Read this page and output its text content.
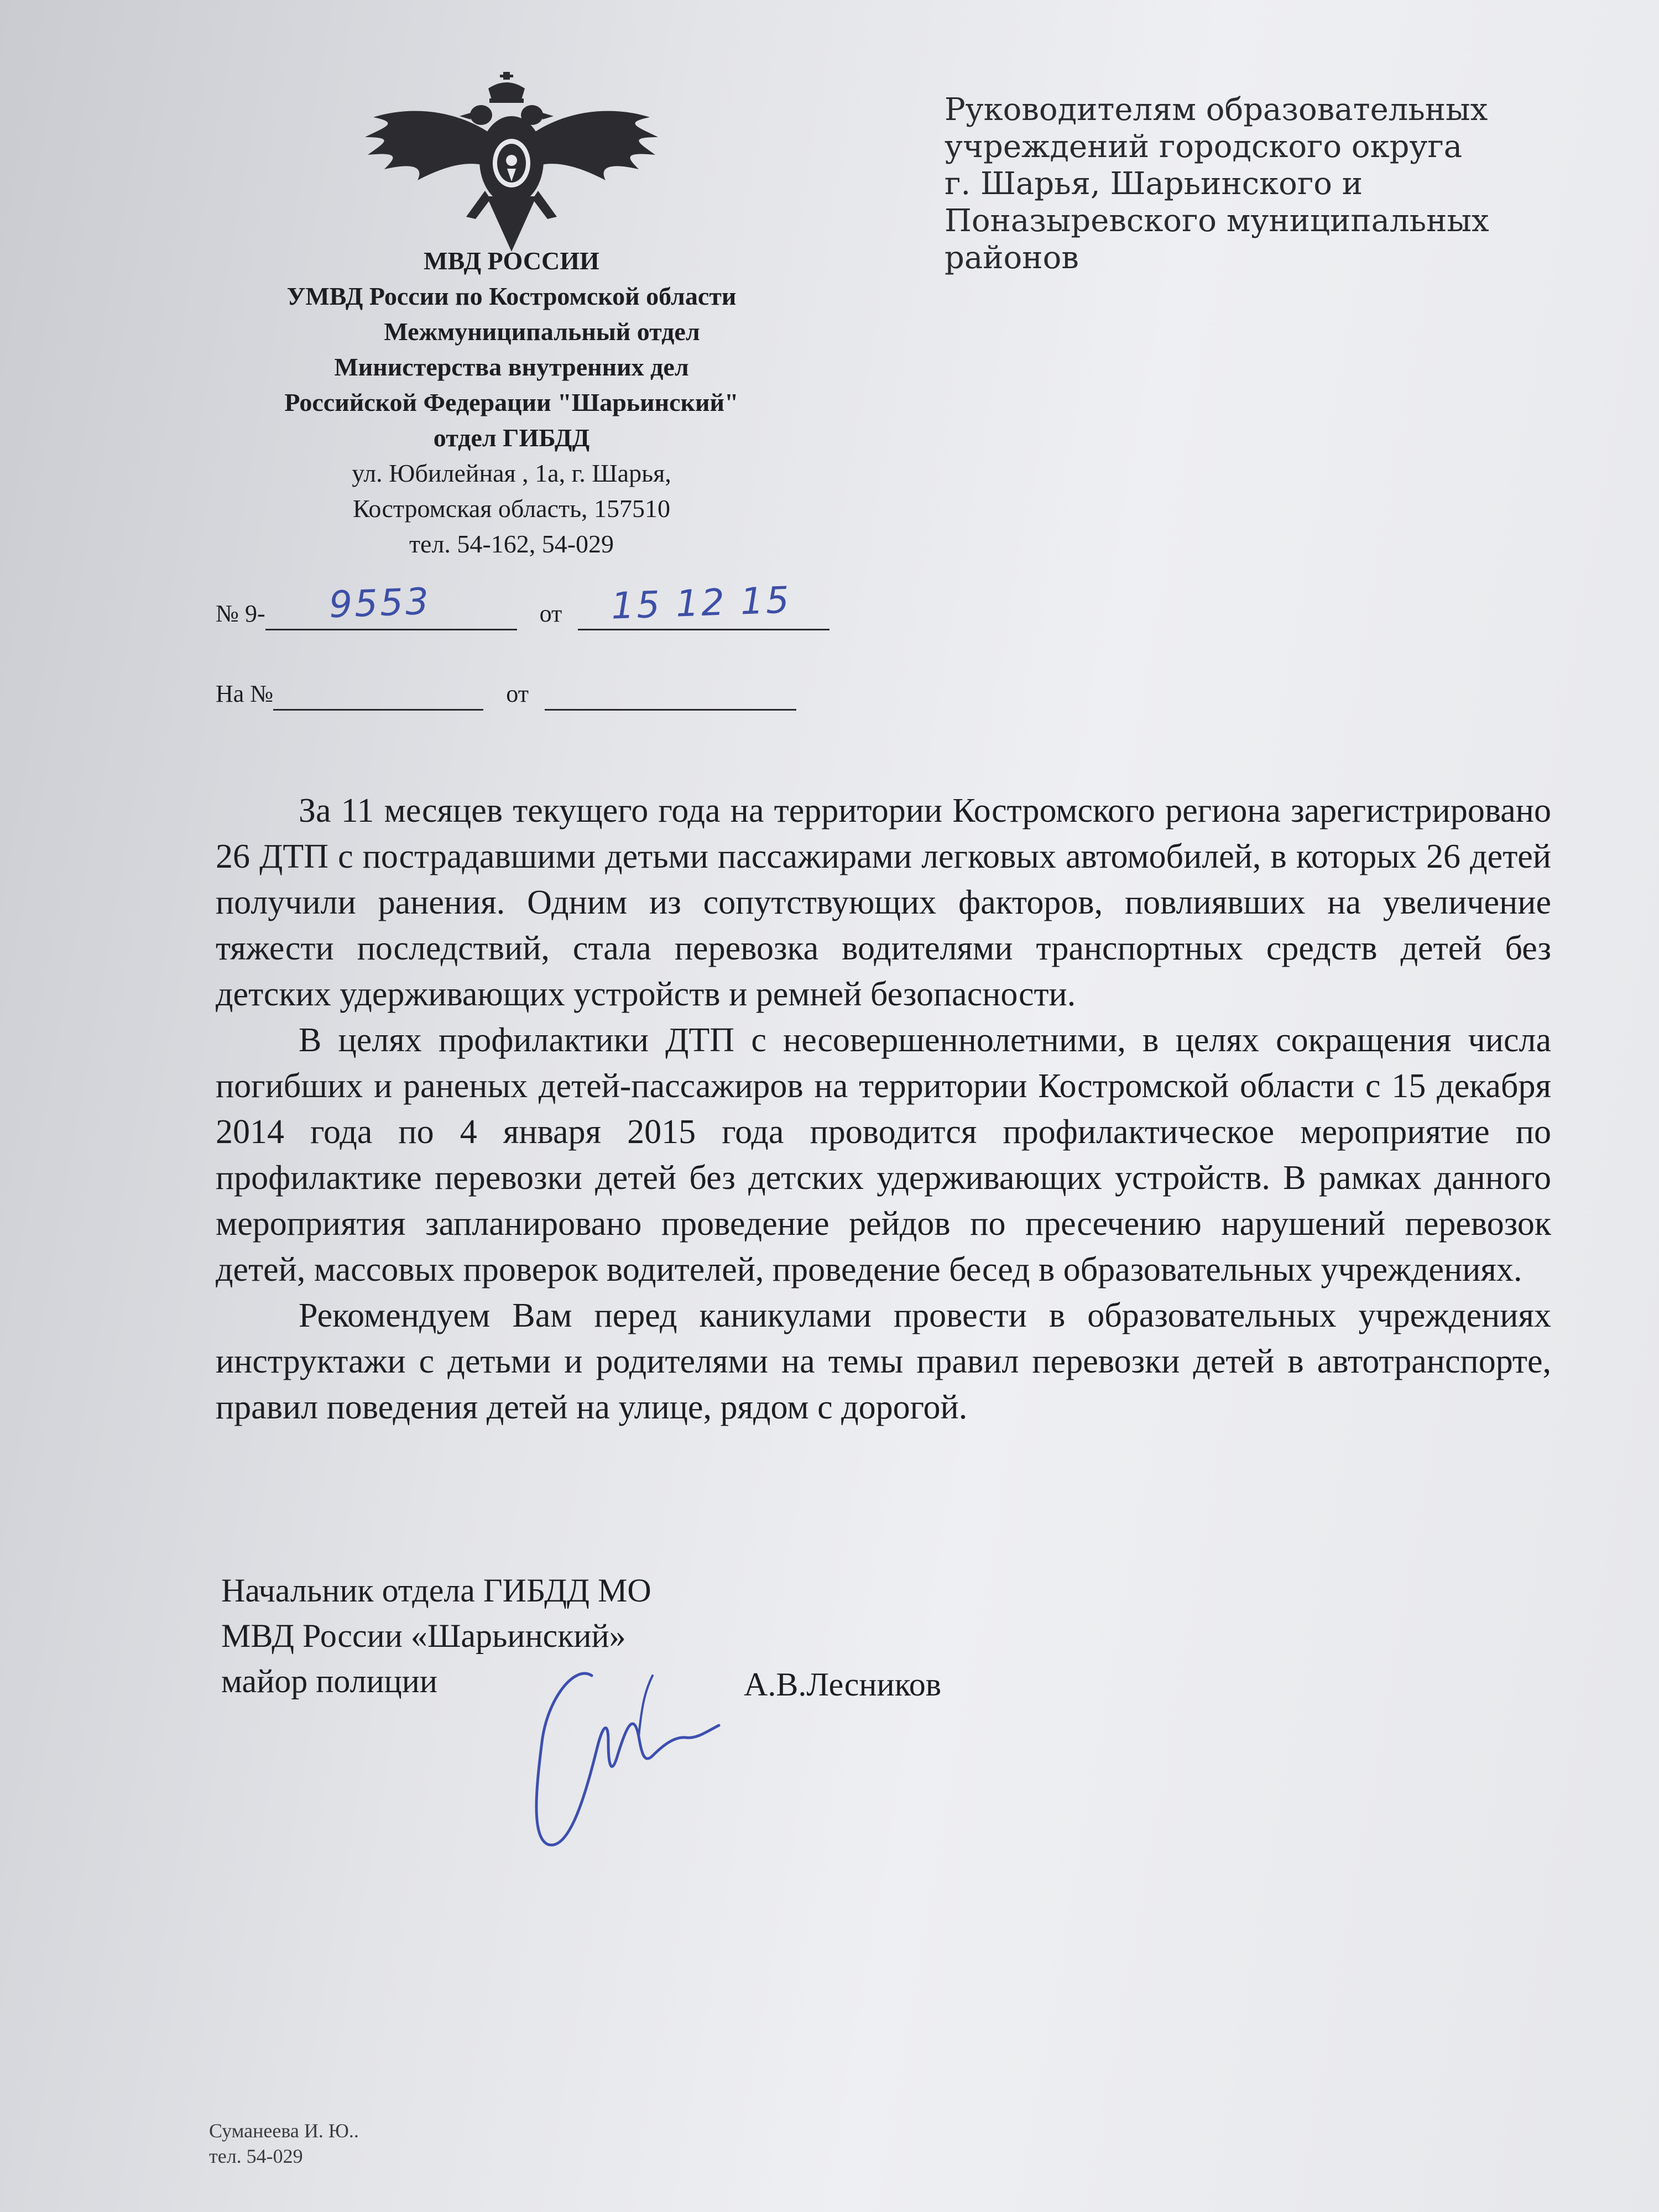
МВД РОССИИ
УМВД России по Костромской области
Межмуниципальный отдел
Министерства внутренних дел
Российской Федерации "Шарьинский"
отдел ГИБДД
ул. Юбилейная , 1а, г. Шарья,
Костромская область, 157510
тел. 54-162, 54-029
№ 9- 9553	от 15 12 15
На №	от
Руководителям образовательных
учреждений городского округа
г. Шарья, Шарьинского и
Поназыревского муниципальных
районов

За 11 месяцев текущего года на территории Костромского региона зарегистрировано 26 ДТП с пострадавшими детьми пассажирами легковых автомобилей, в которых 26 детей получили ранения. Одним из сопутствующих факторов, повлиявших на увеличение тяжести последствий, стала перевозка водителями транспортных средств детей без детских удерживающих устройств и ремней безопасности.

В целях профилактики ДТП с несовершеннолетними, в целях сокращения числа погибших и раненых детей-пассажиров на территории Костромской области с 15 декабря 2014 года по 4 января 2015 года проводится профилактическое мероприятие по профилактике перевозки детей без детских удерживающих устройств. В рамках данного мероприятия запланировано проведение рейдов по пресечению нарушений перевозок детей, массовых проверок водителей, проведение бесед в образовательных учреждениях.

Рекомендуем Вам перед каникулами провести в образовательных учреждениях инструктажи с детьми и родителями на темы правил перевозки детей в автотранспорте, правил поведения детей на улице, рядом с дорогой.

Начальник отдела ГИБДД МО
МВД России «Шарьинский»
майор полиции	А.В.Лесников
Суманеева И. Ю..
тел. 54-029
